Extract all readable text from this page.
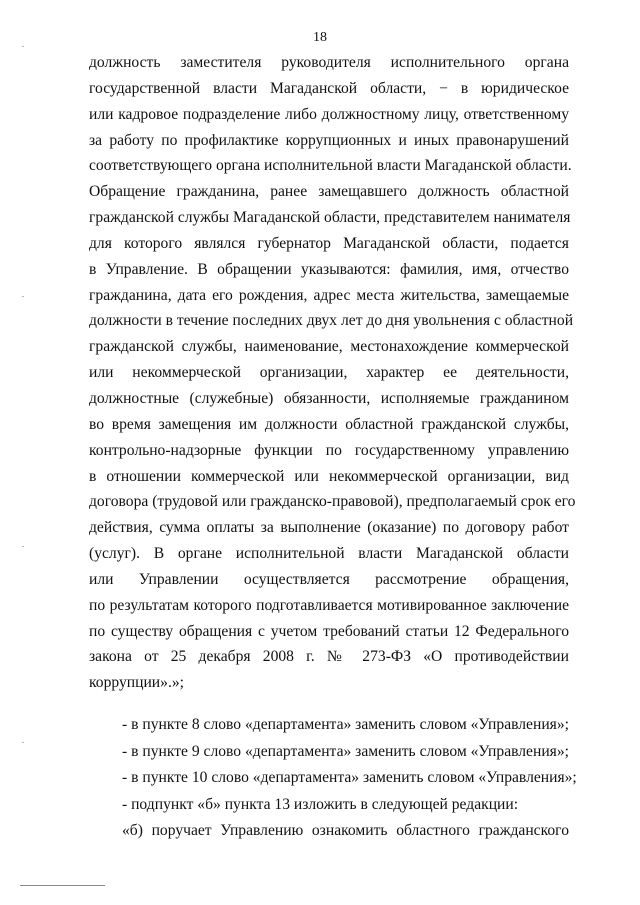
18
должность заместителя руководителя исполнительного органа
государственной власти Магаданской области, − в юридическое
или кадровое подразделение либо должностному лицу, ответственному
за работу по профилактике коррупционных и иных правонарушений
соответствующего органа исполнительной власти Магаданской области.
Обращение гражданина, ранее замещавшего должность областной
гражданской службы Магаданской области, представителем нанимателя
для которого являлся губернатор Магаданской области, подается
в Управление. В обращении указываются: фамилия, имя, отчество
гражданина, дата его рождения, адрес места жительства, замещаемые
должности в течение последних двух лет до дня увольнения с областной
гражданской службы, наименование, местонахождение коммерческой
или некоммерческой организации, характер ее деятельности,
должностные (служебные) обязанности, исполняемые гражданином
во время замещения им должности областной гражданской службы,
контрольно-надзорные функции по государственному управлению
в отношении коммерческой или некоммерческой организации, вид
договора (трудовой или гражданско-правовой), предполагаемый срок его
действия, сумма оплаты за выполнение (оказание) по договору работ
(услуг). В органе исполнительной власти Магаданской области
или Управлении осуществляется рассмотрение обращения,
по результатам которого подготавливается мотивированное заключение
по существу обращения с учетом требований статьи 12 Федерального
закона от 25 декабря 2008 г. № 273-ФЗ «О противодействии
коррупции».»;
- в пункте 8 слово «департамента» заменить словом «Управления»;
- в пункте 9 слово «департамента» заменить словом «Управления»;
- в пункте 10 слово «департамента» заменить словом «Управления»;
- подпункт «б» пункта 13 изложить в следующей редакции:
«б) поручает Управлению ознакомить областного гражданского
